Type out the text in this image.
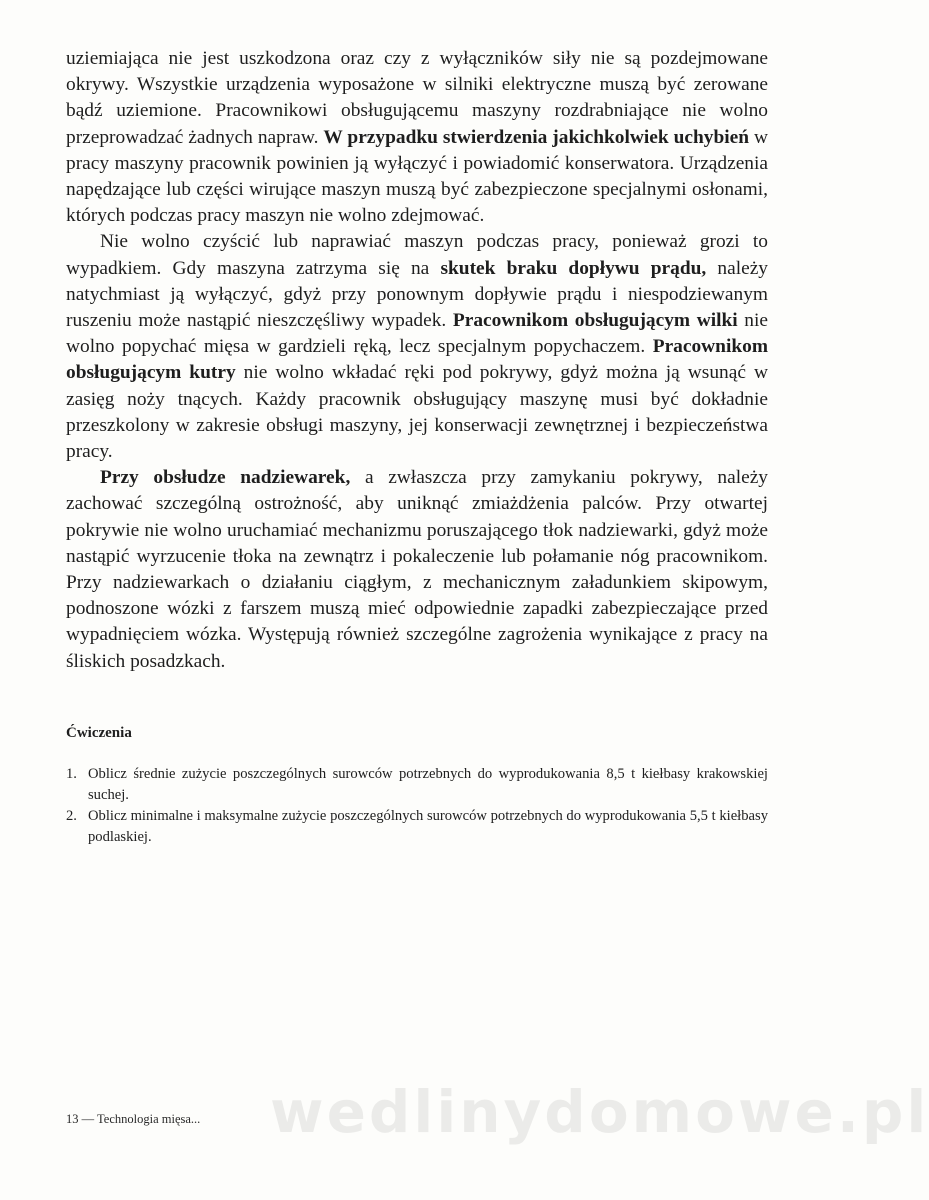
uziemiająca nie jest uszkodzona oraz czy z wyłączników siły nie są pozdejmowane okrywy. Wszystkie urządzenia wyposażone w silniki elektryczne muszą być zerowane bądź uziemione. Pracownikowi obsługującemu maszyny rozdrabniające nie wolno przeprowadzać żadnych napraw. W przypadku stwierdzenia jakichkolwiek uchybień w pracy maszyny pracownik powinien ją wyłączyć i powiadomić konserwatora. Urządzenia napędzające lub części wirujące maszyn muszą być zabezpieczone specjalnymi osłonami, których podczas pracy maszyn nie wolno zdejmować.

Nie wolno czyścić lub naprawiać maszyn podczas pracy, ponieważ grozi to wypadkiem. Gdy maszyna zatrzyma się na skutek braku dopływu prądu, należy natychmiast ją wyłączyć, gdyż przy ponownym dopływie prądu i niespodziewanym ruszeniu może nastąpić nieszczęśliwy wypadek. Pracownikom obsługującym wilki nie wolno popychać mięsa w gardzieli ręką, lecz specjalnym popychaczem. Pracownikom obsługującym kutry nie wolno wkładać ręki pod pokrywy, gdyż można ją wsunąć w zasięg noży tnących. Każdy pracownik obsługujący maszynę musi być dokładnie przeszkolony w zakresie obsługi maszyny, jej konserwacji zewnętrznej i bezpieczeństwa pracy.

Przy obsłudze nadziewarek, a zwłaszcza przy zamykaniu pokrywy, należy zachować szczególną ostrożność, aby uniknąć zmiażdżenia palców. Przy otwartej pokrywie nie wolno uruchamiać mechanizmu poruszającego tłok nadziewarki, gdyż może nastąpić wyrzucenie tłoka na zewnątrz i pokaleczenie lub połamanie nóg pracownikom. Przy nadziewarkach o działaniu ciągłym, z mechanicznym załadunkiem skipowym, podnoszone wózki z farszem muszą mieć odpowiednie zapadki zabezpieczające przed wypadnięciem wózka. Występują również szczególne zagrożenia wynikające z pracy na śliskich posadzkach.

Ćwiczenia
1. Oblicz średnie zużycie poszczególnych surowców potrzebnych do wyprodukowania 8,5 t kiełbasy krakowskiej suchej.
2. Oblicz minimalne i maksymalne zużycie poszczególnych surowców potrzebnych do wyprodukowania 5,5 t kiełbasy podlaskiej.
wedlinydomowe.pl
13 — Technologia mięsa...
